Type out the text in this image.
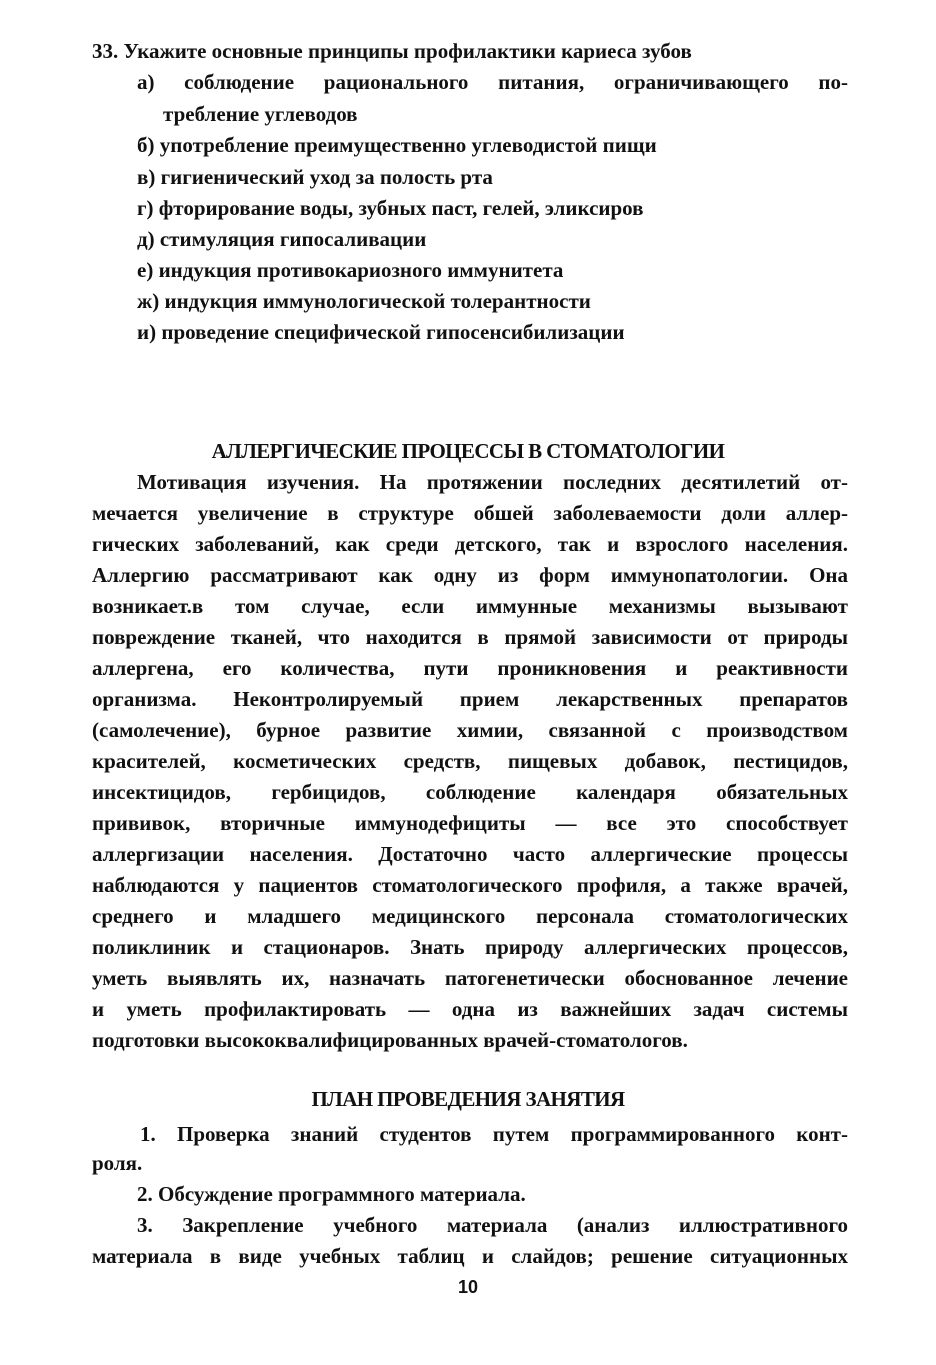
33. Укажите основные принципы профилактики кариеса зубов
а) соблюдение рационального питания, ограничивающего по-
требление углеводов
б) употребление преимущественно углеводистой пищи
в) гигиенический уход за полость рта
г) фторирование воды, зубных паст, гелей, эликсиров
д) стимуляция гипосаливации
е) индукция противокариозного иммунитета
ж) индукция иммунологической толерантности
и) проведение специфической гипосенсибилизации
АЛЛЕРГИЧЕСКИЕ ПРОЦЕССЫ В СТОМАТОЛОГИИ
Мотивация изучения. На протяжении последних десятилетий от-
мечается увеличение в структуре обшей заболеваемости доли аллер-
гических заболеваний, как среди детского, так и взрослого населения.
Аллергию рассматривают как одну из форм иммунопатологии. Она
возникает.в том случае, если иммунные механизмы вызывают
повреждение тканей, что находится в прямой зависимости от природы
аллергена, его количества, пути проникновения и реактивности
организма. Неконтролируемый прием лекарственных препаратов
(самолечение), бурное развитие химии, связанной с производством
красителей, косметических средств, пищевых добавок, пестицидов,
инсектицидов, гербицидов, соблюдение календаря обязательных
прививок, вторичные иммунодефициты — все это способствует
аллергизации населения. Достаточно часто аллергические процессы
наблюдаются у пациентов стоматологического профиля, а также врачей,
среднего и младшего медицинского персонала стоматологических
поликлиник и стационаров. Знать природу аллергических процессов,
уметь выявлять их, назначать патогенетически обоснованное лечение
и уметь профилактировать — одна из важнейших задач системы
подготовки высококвалифицированных врачей-стоматологов.
ПЛАН ПРОВЕДЕНИЯ ЗАНЯТИЯ
1. Проверка знаний студентов путем программированного конт-
роля.
2. Обсуждение программного материала.
3. Закрепление учебного материала (анализ иллюстративного
материала в виде учебных таблиц и слайдов; решение ситуационных
10
